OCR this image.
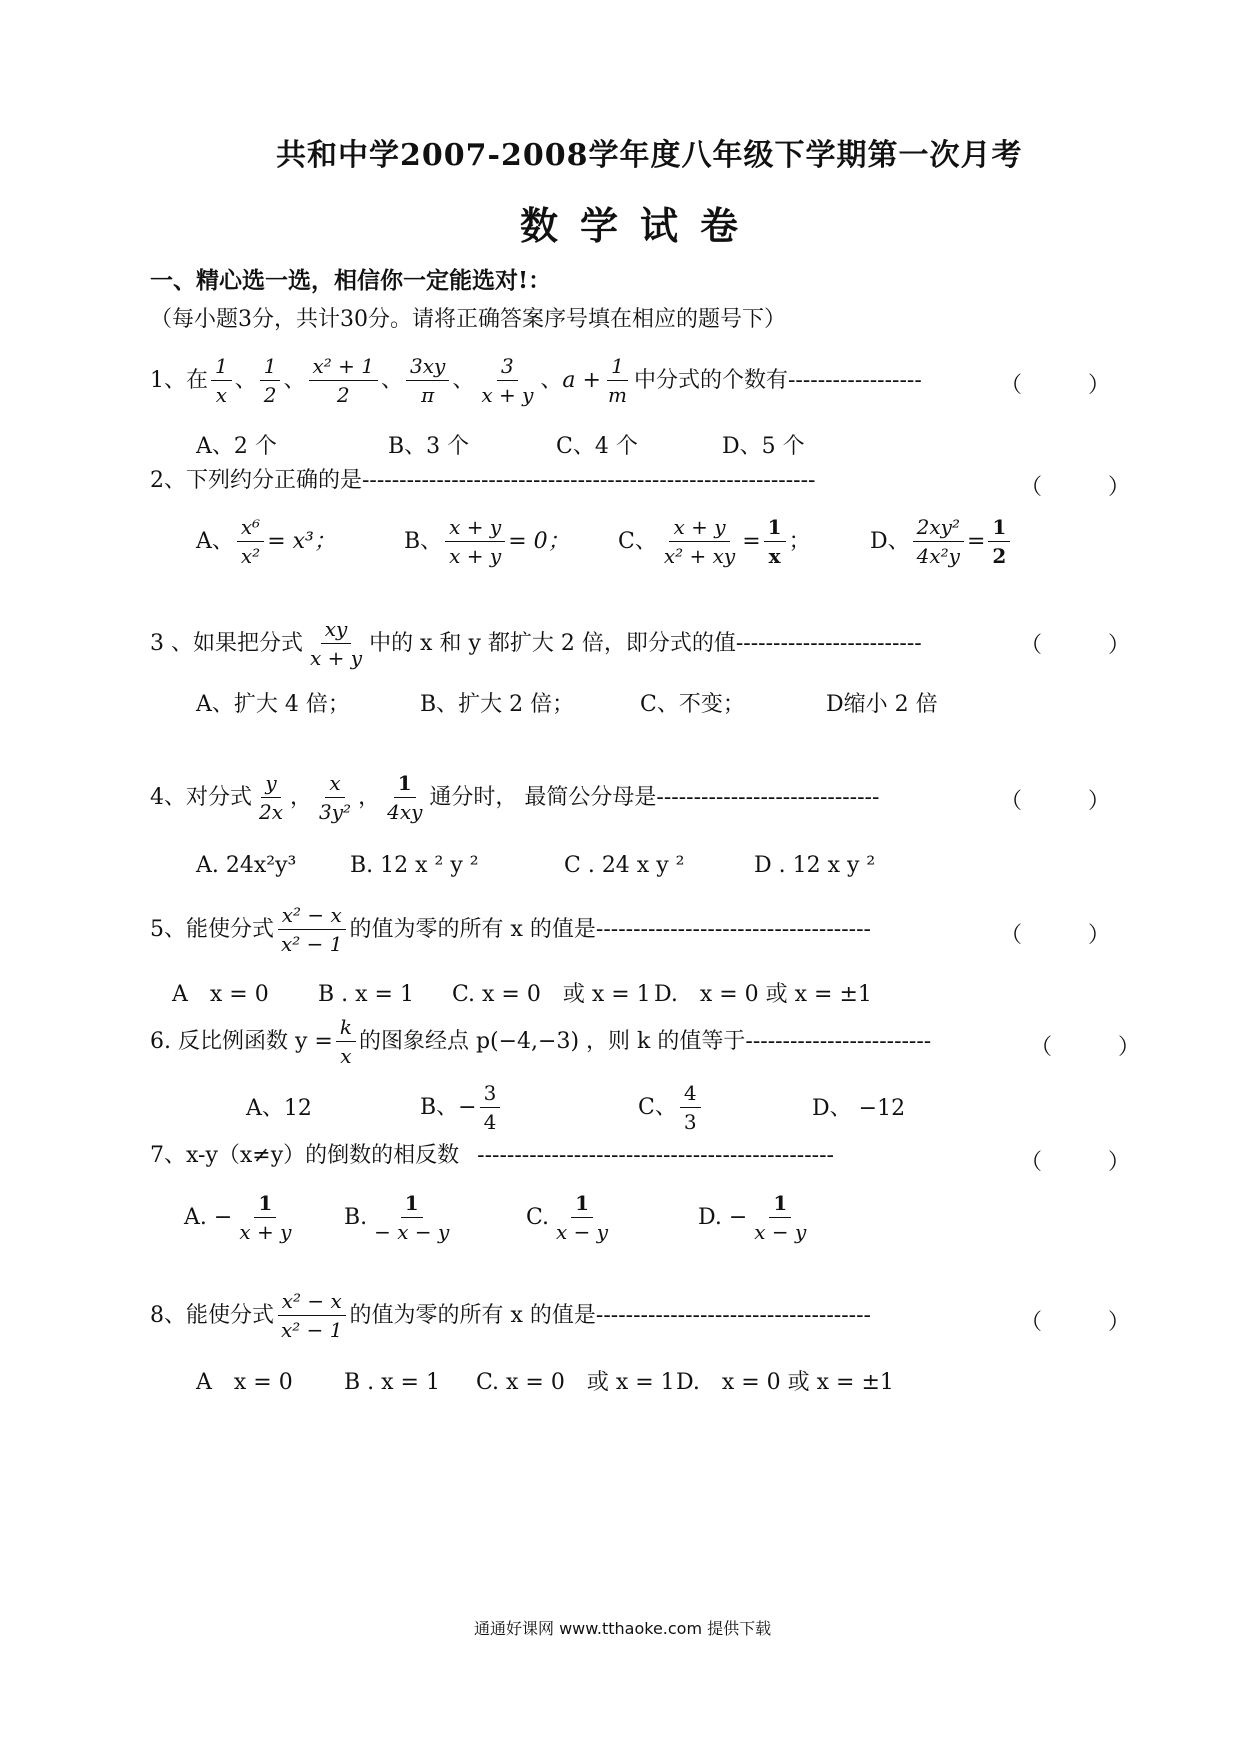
共和中学2007-2008学年度八年级下学期第一次月考
数学试卷
一、精心选一选，相信你一定能选对!：
（每小题3分，共计30分。请将正确答案序号填在相应的题号下）
1、在 $\frac{1}{x}$ 、 $\frac{1}{2}$ 、 $\frac{\text{x² + 1}}{2}$ 、 $\frac{3xy}{\pi}$ 、 $\frac{3}{x + y}$ 、 $a + \frac{1}{m}$ 中分式的个数有 ------------------	（　　　）
A、2 个	B、3 个	C、4 个	D、5 个
2、下列约分正确的是 -------------------------------------------------------------	（　　　）
A、 $\frac{\text{x⁶}}{\text{x²}} = x^3$；	B、 $\frac{x + y}{x + y} = 0$； C、 $\frac{x + y}{\text{x² + xy}} = \frac{1}{x}$ ；	D、 $\frac{\text{2xy²}}{\text{4x²y}} = \frac{1}{2}$
3 、如果把分式 $\frac{xy}{x + y}$ 中的 x 和 y 都扩大 2 倍，即分式的值 -------------------------	（　　　）
A、扩大 4 倍；	B、扩大 2 倍；	C、不变；	D缩小 2 倍
4、对分式 $\frac{y}{2x}$ ， $\frac{x}{\text{3y²}}$ ， $\frac{1}{4xy}$ 通分时， 最简公分母是 ------------------------------	（　　　）
A. 24x²y³ B. 12 x ² y ²	C . 24 x y ²	D . 12 x y ²
5、能使分式 $\frac{\text{x² − x}}{\text{x² − 1}}$ 的值为零的所有 x 的值是 -------------------------------------	（　　　）
A　x = 0 B . x = 1 C. x = 0　或 x = 1 D.　x = 0 或 x = ±1
6. 反比例函数 $y = \frac{k}{x}$ 的图象经点 p(−4,−3) ，则 k 的值等于 -------------------------	（　　　）
A、12	B、− $\frac{3}{4}$	C、 $\frac{4}{3}$	D、 −12
7、x-y（x≠y）的倒数的相反数 ------------------------------------------------	（　　　）
A. − $\frac{1}{x + y} B$. $\frac{1}{- x - y}$	C. $\frac{1}{x - y}$	D. − $\frac{1}{x - y}$
8、能使分式 $\frac{\text{x² − x}}{\text{x² − 1}}$ 的值为零的所有 x 的值是 -------------------------------------	（　　　）
A　x = 0 B . x = 1 C. x = 0　或 x = 1 D.　x = 0 或 x = ±1
通通好课网 www.tthaoke.com 提供下载
